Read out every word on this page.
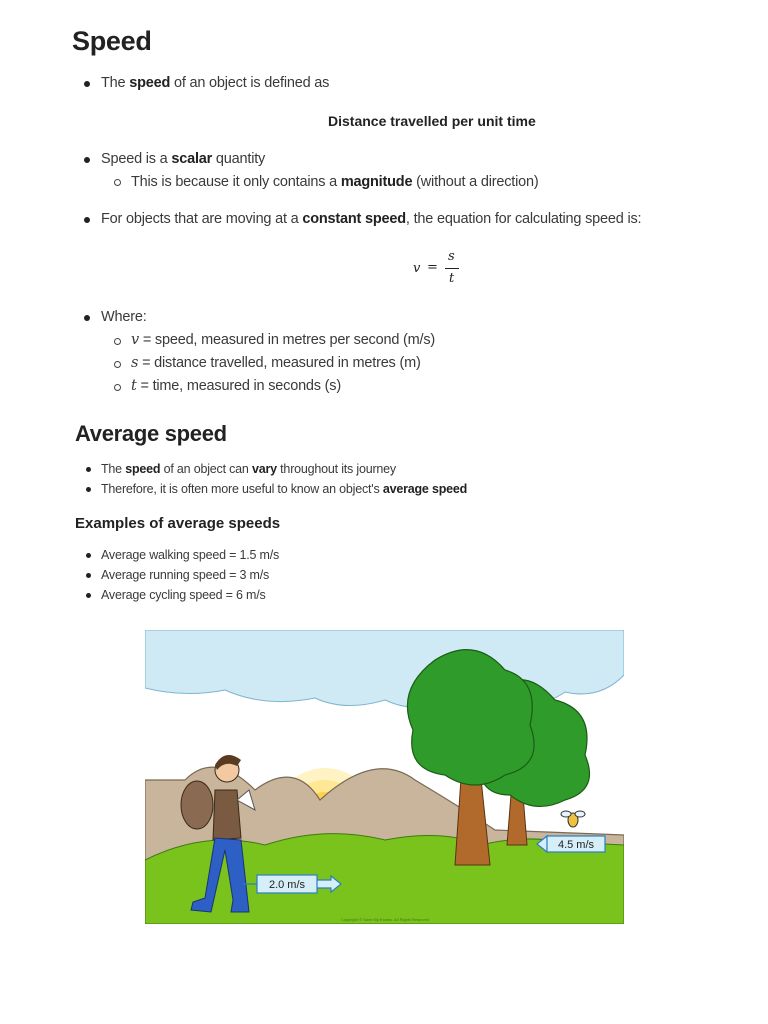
Speed
The speed of an object is defined as
Distance travelled per unit time
Speed is a scalar quantity
This is because it only contains a magnitude (without a direction)
For objects that are moving at a constant speed, the equation for calculating speed is:
v =
s
t
Where:
v = speed, measured in metres per second (m/s)
s = distance travelled, measured in metres (m)
t = time, measured in seconds (s)
Average speed
The speed of an object can vary throughout its journey
Therefore, it is often more useful to know an object's average speed
Examples of average speeds
Average walking speed = 1.5 m/s
Average running speed = 3 m/s
Average cycling speed = 6 m/s
2.0 m/s
4.5 m/s
Copyright © Save My Exams. All Rights Reserved
